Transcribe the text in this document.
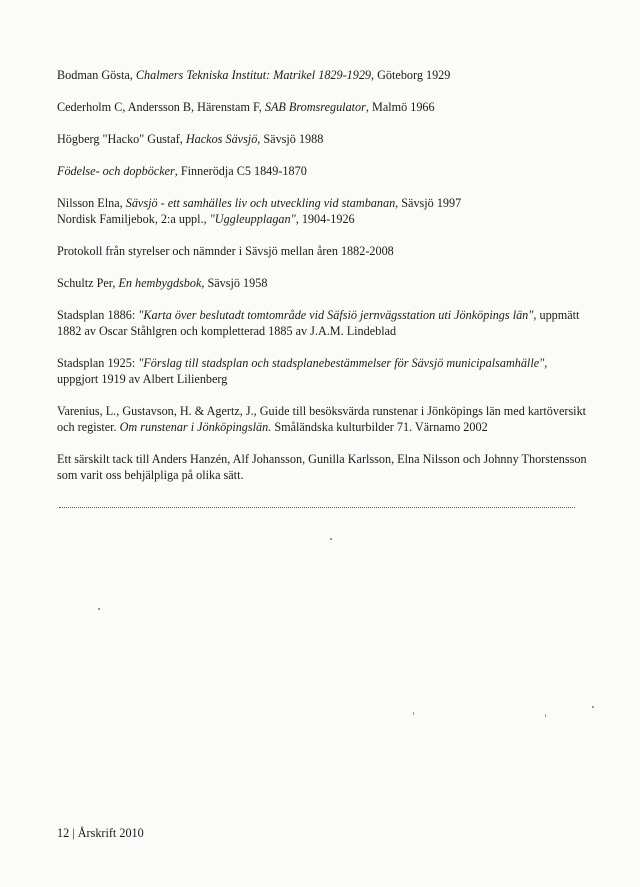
Bodman Gösta, Chalmers Tekniska Institut: Matrikel 1829-1929, Göteborg 1929

Cederholm C, Andersson B, Härenstam F, SAB Bromsregulator, Malmö 1966

Högberg "Hacko" Gustaf, Hackos Sävsjö, Sävsjö 1988

Födelse- och dopböcker, Finnerödja C5 1849-1870

Nilsson Elna, Sävsjö - ett samhälles liv och utveckling vid stambanan, Sävsjö 1997

Nordisk Familjebok, 2:a uppl., "Uggleupplagan", 1904-1926

Protokoll från styrelser och nämnder i Sävsjö mellan åren 1882-2008

Schultz Per, En hembygdsbok, Sävsjö 1958

Stadsplan 1886: "Karta över beslutadt tomtområde vid Säfsiö jernvägsstation uti Jönköpings län", uppmätt 1882 av Oscar Ståhlgren och kompletterad 1885 av J.A.M. Lindeblad

Stadsplan 1925: "Förslag till stadsplan och stadsplanebestämmelser för Sävsjö municipalsamhälle", uppgjort 1919 av Albert Lilienberg

Varenius, L., Gustavson, H. & Agertz, J., Guide till besöksvärda runstenar i Jönköpings län med kartöversikt och register. Om runstenar i Jönköpingslän. Småländska kulturbilder 71. Värnamo 2002

Ett särskilt tack till Anders Hanzén, Alf Johansson, Gunilla Karlsson, Elna Nilsson och Johnny Thorstensson som varit oss behjälpliga på olika sätt.

12 | Årskrift 2010
